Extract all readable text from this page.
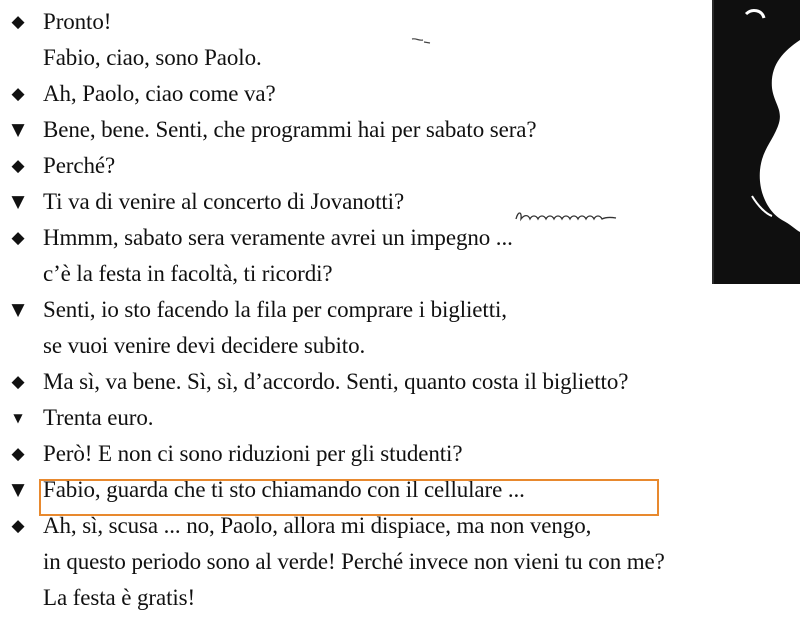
◆ Pronto!
Fabio, ciao, sono Paolo.
◆ Ah, Paolo, ciao come va?
▼ Bene, bene. Senti, che programmi hai per sabato sera?
◆ Perché?
▼ Ti va di venire al concerto di Jovanotti?
◆ Hmmm, sabato sera veramente avrei un impegno ...
c’è la festa in facoltà, ti ricordi?
▼ Senti, io sto facendo la fila per comprare i biglietti,
se vuoi venire devi decidere subito.
◆ Ma sì, va bene. Sì, sì, d’accordo. Senti, quanto costa il biglietto?
▼ Trenta euro.
◆ Però! E non ci sono riduzioni per gli studenti?
▼ Fabio, guarda che ti sto chiamando con il cellulare ...
◆ Ah, sì, scusa ... no, Paolo, allora mi dispiace, ma non vengo,
in questo periodo sono al verde! Perché invece non vieni tu con me?
La festa è gratis!
